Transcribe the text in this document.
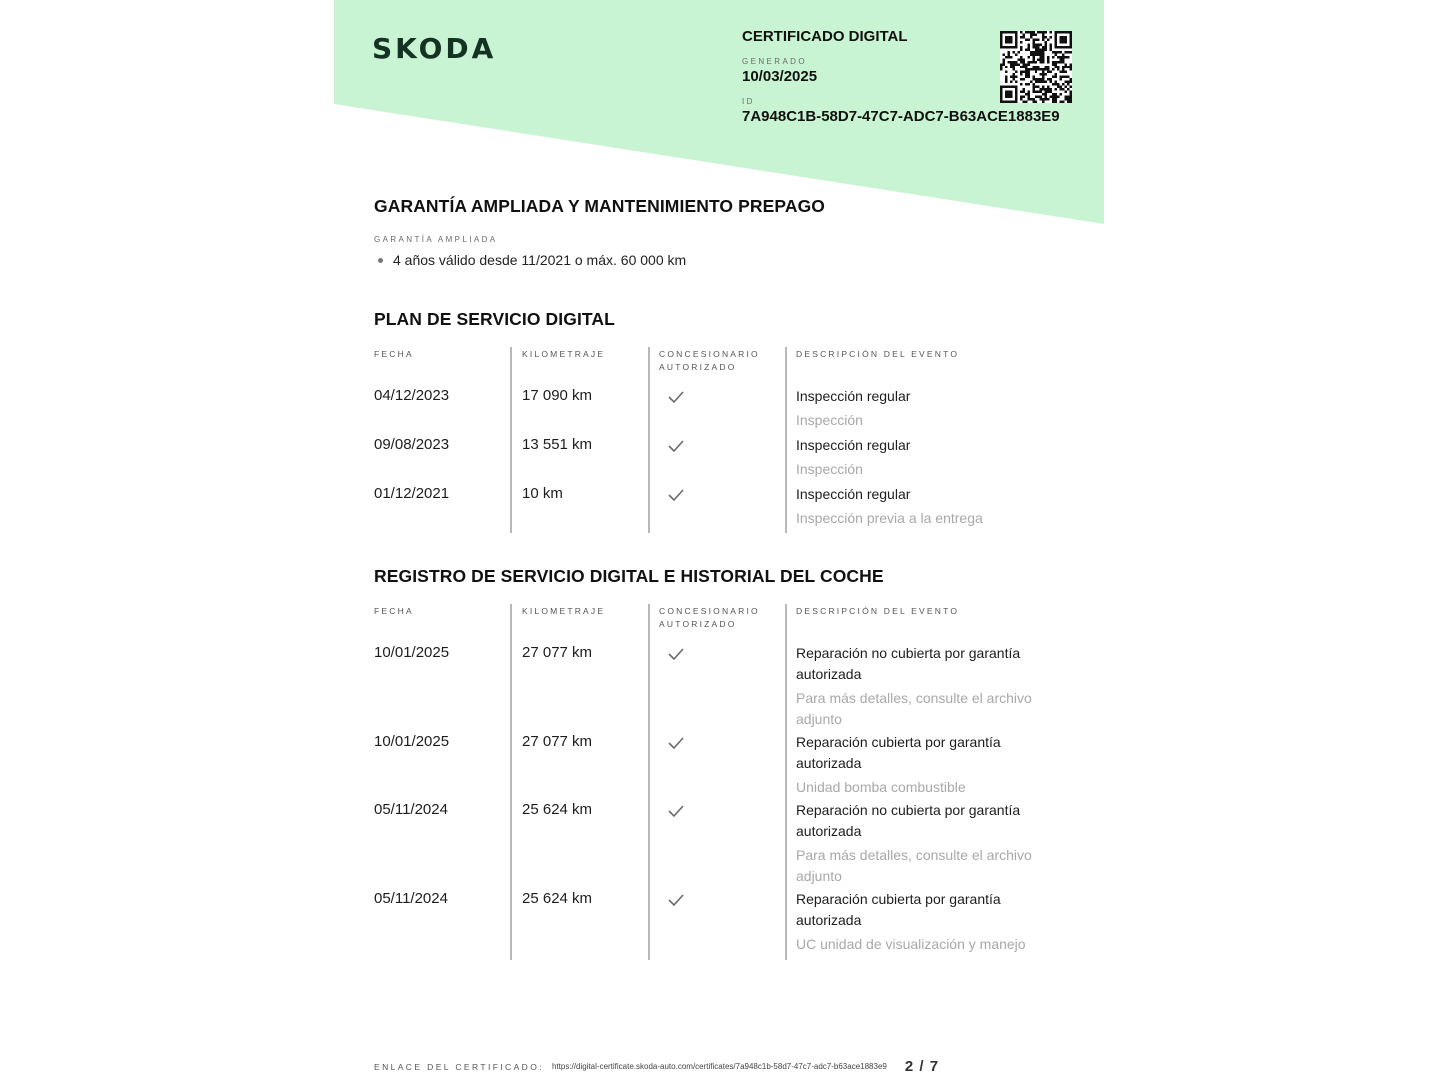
SKODA	CERTIFICADO DIGITAL
GENERADO
10/03/2025
ID
7A948C1B-58D7-47C7-ADC7-B63ACE1883E9
GARANTÍA AMPLIADA Y MANTENIMIENTO PREPAGO
GARANTÍA AMPLIADA
4 años válido desde 11/2021 o máx. 60 000 km
PLAN DE SERVICIO DIGITAL
FECHA	KILOMETRAJE	CONCESIONARIO AUTORIZADO
DESCRIPCIÓN DEL EVENTO
04/12/2023	17 090 km	Inspección regular
Inspección
09/08/2023	13 551 km	Inspección regular
Inspección
01/12/2021	10 km	Inspección regular
Inspección previa a la entrega
REGISTRO DE SERVICIO DIGITAL E HISTORIAL DEL COCHE
FECHA	KILOMETRAJE	CONCESIONARIO AUTORIZADO
DESCRIPCIÓN DEL EVENTO
10/01/2025	27 077 km	Reparación no cubierta por garantía autorizada
Para más detalles, consulte el archivo adjunto
10/01/2025	27 077 km	Reparación cubierta por garantía autorizada
Unidad bomba combustible
05/11/2024	25 624 km	Reparación no cubierta por garantía autorizada
Para más detalles, consulte el archivo adjunto
05/11/2024	25 624 km	Reparación cubierta por garantía autorizada
UC unidad de visualización y manejo
ENLACE DEL CERTIFICADO: https://digital-certificate.skoda-auto.com/certificates/7a948c1b-58d7-47c7-adc7-b63ace1883e9 2 / 7
